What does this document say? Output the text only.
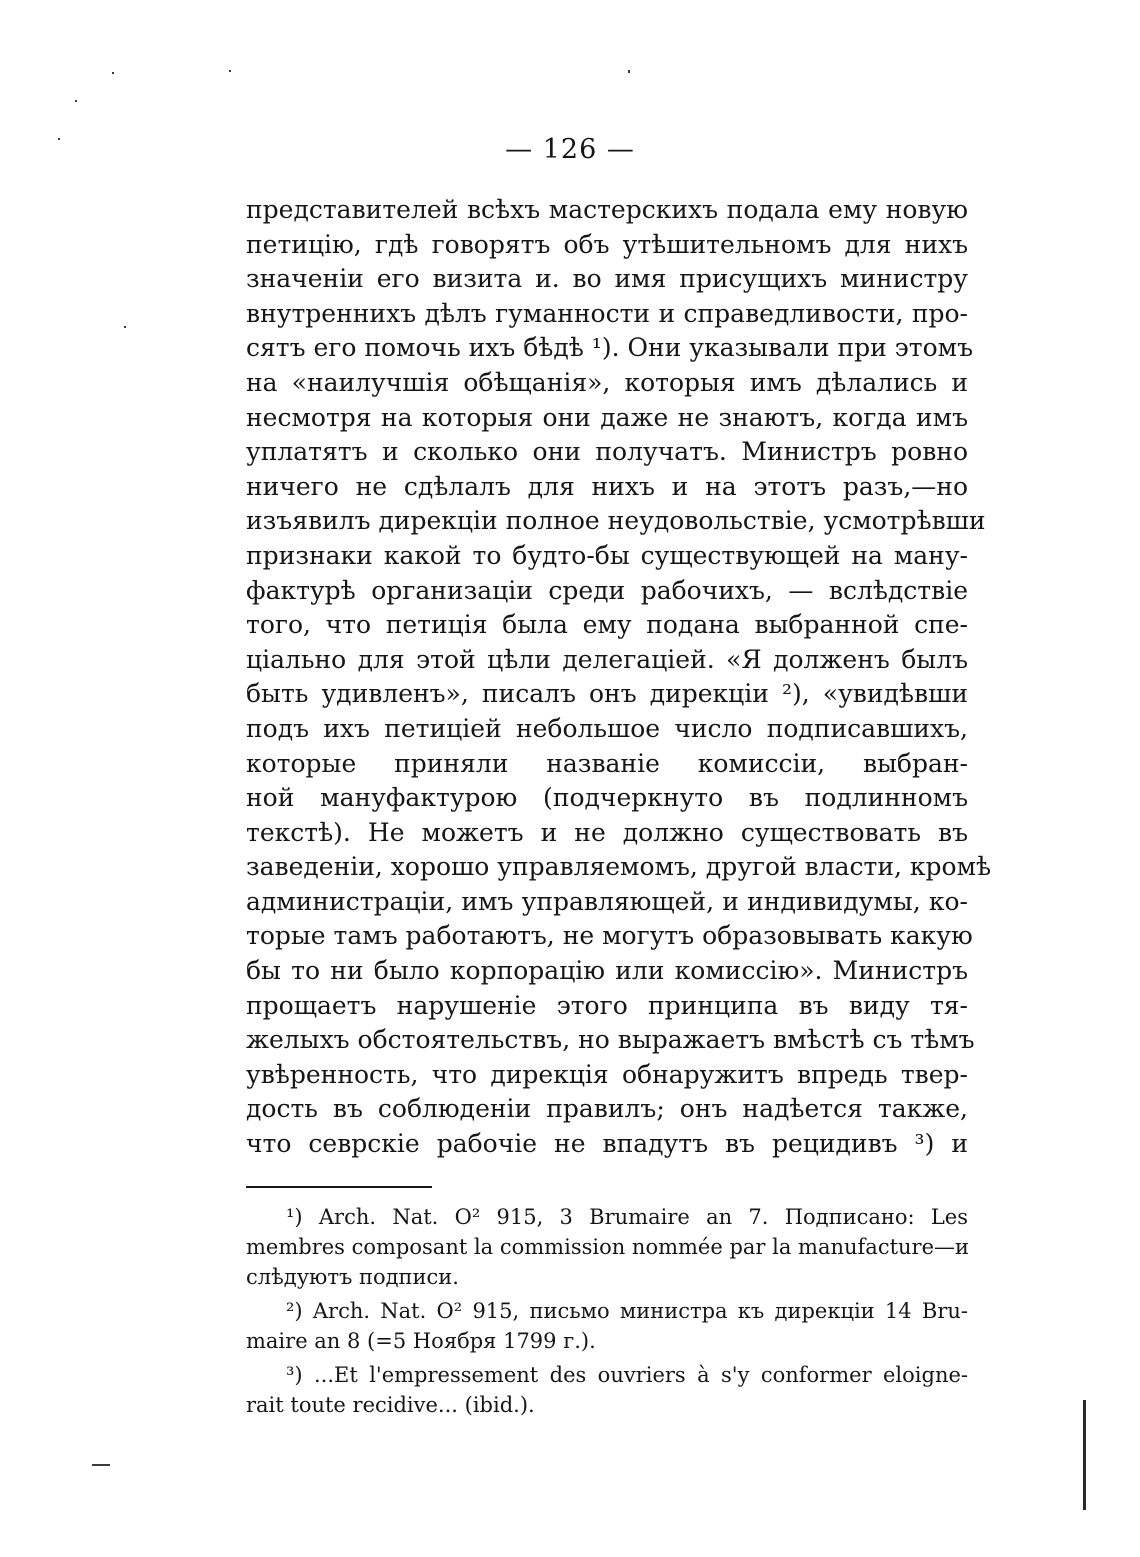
— 126 —
представителей всѣхъ мастерскихъ подала ему новую
петицію, гдѣ говорятъ объ утѣшительномъ для нихъ
значеніи его визита и. во имя присущихъ министру
внутреннихъ дѣлъ гуманности и справедливости, про-
сятъ его помочь ихъ бѣдѣ ¹). Они указывали при этомъ
на «наилучшія обѣщанія», которыя имъ дѣлались и
несмотря на которыя они даже не знаютъ, когда имъ
уплатятъ и сколько они получатъ. Министръ ровно
ничего не сдѣлалъ для нихъ и на этотъ разъ,—но
изъявилъ дирекціи полное неудовольствіе, усмотрѣвши
признаки какой то будто-бы существующей на ману-
фактурѣ организаціи среди рабочихъ, — вслѣдствіе
того, что петиція была ему подана выбранной спе-
ціально для этой цѣли делегаціей. «Я долженъ былъ
быть удивленъ», писалъ онъ дирекціи ²), «увидѣвши
подъ ихъ петиціей небольшое число подписавшихъ,
которые приняли названіе комиссіи, выбран-
ной мануфактурою (подчеркнуто въ подлинномъ
текстѣ). Не можетъ и не должно существовать въ
заведеніи, хорошо управляемомъ, другой власти, кромѣ
администраціи, имъ управляющей, и индивидумы, ко-
торые тамъ работаютъ, не могутъ образовывать какую
бы то ни было корпорацію или комиссію». Министръ
прощаетъ нарушеніе этого принципа въ виду тя-
желыхъ обстоятельствъ, но выражаетъ вмѣстѣ съ тѣмъ
увѣренность, что дирекція обнаружитъ впредь твер-
дость въ соблюденіи правилъ; онъ надѣется также,
что севрскіе рабочіе не впадутъ въ рецидивъ ³) и
¹) Arch. Nat. O² 915, 3 Brumaire an 7. Подписано: Les
membres composant la commission nommée par la manufacture—и
слѣдуютъ подписи.
²) Arch. Nat. O² 915, письмо министра къ дирекціи 14 Bru-
maire an 8 (=5 Ноября 1799 г.).
³) ...Et l'empressement des ouvriers à s'y conformer eloigne-
rait toute recidive... (ibid.).
